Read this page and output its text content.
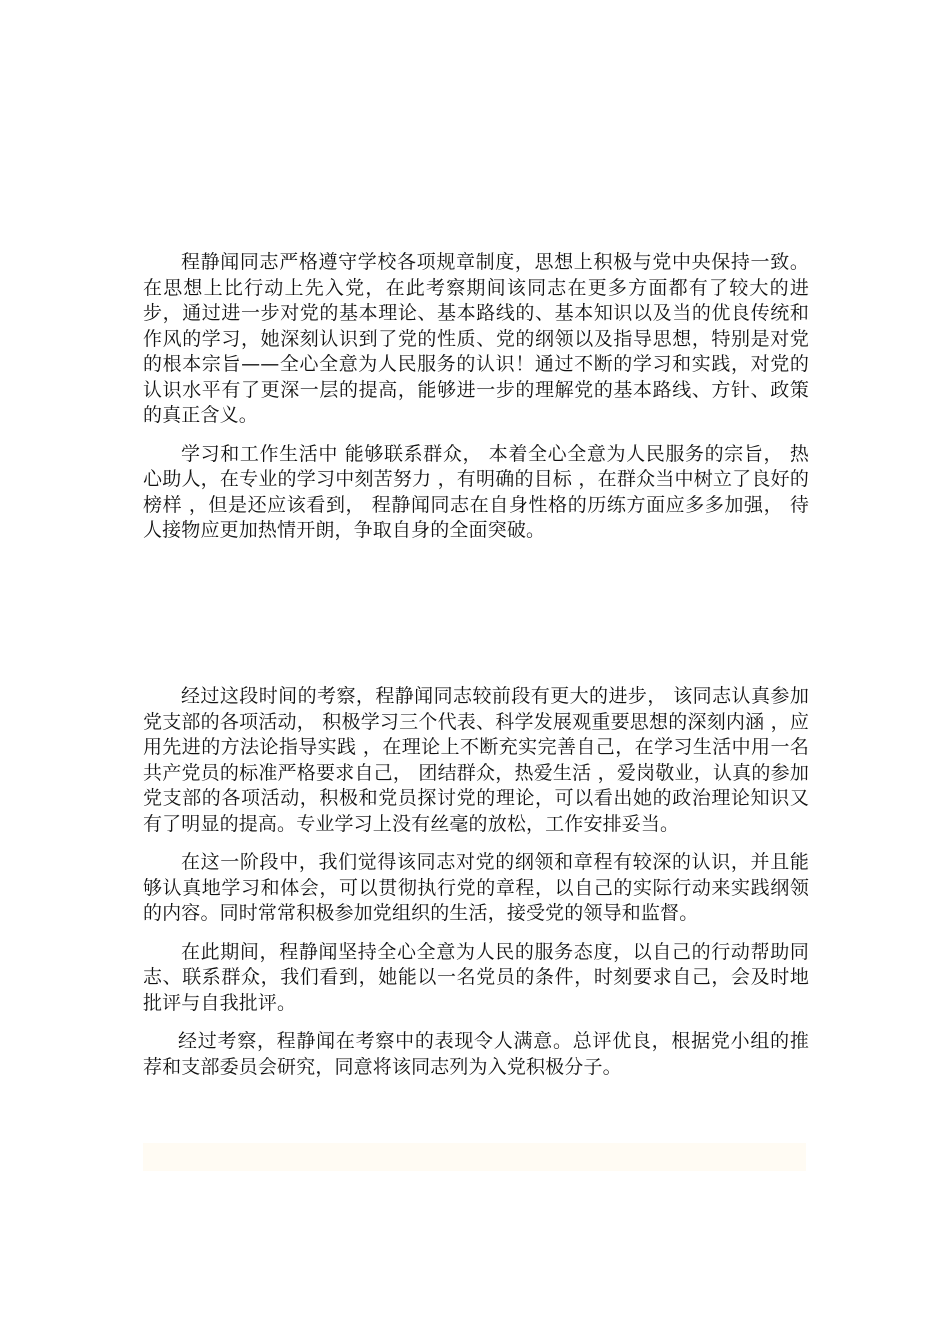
程静闻同志严格遵守学校各项规章制度，思想上积极与党中央保持一致。在思想上比行动上先入党，在此考察期间该同志在更多方面都有了较大的进步，通过进一步对党的基本理论、基本路线的、基本知识以及当的优良传统和作风的学习，她深刻认识到了党的性质、党的纲领以及指导思想，特别是对党的根本宗旨——全心全意为人民服务的认识！通过不断的学习和实践，对党的认识水平有了更深一层的提高，能够进一步的理解党的基本路线、方针、政策的真正含义。

学习和工作生活中 能够联系群众， 本着全心全意为人民服务的宗旨， 热心助人，在专业的学习中刻苦努力 ，有明确的目标 ，在群众当中树立了良好的榜样 ，但是还应该看到， 程静闻同志在自身性格的历练方面应多多加强， 待人接物应更加热情开朗，争取自身的全面突破。

经过这段时间的考察，程静闻同志较前段有更大的进步， 该同志认真参加党支部的各项活动， 积极学习三个代表、科学发展观重要思想的深刻内涵 ，应用先进的方法论指导实践 ，在理论上不断充实完善自己，在学习生活中用一名共产党员的标准严格要求自己， 团结群众，热爱生活 ，爱岗敬业，认真的参加党支部的各项活动，积极和党员探讨党的理论，可以看出她的政治理论知识又有了明显的提高。专业学习上没有丝毫的放松，工作安排妥当。

在这一阶段中，我们觉得该同志对党的纲领和章程有较深的认识，并且能够认真地学习和体会，可以贯彻执行党的章程，以自己的实际行动来实践纲领的内容。同时常常积极参加党组织的生活，接受党的领导和监督。

在此期间，程静闻坚持全心全意为人民的服务态度，以自己的行动帮助同志、联系群众，我们看到，她能以一名党员的条件，时刻要求自己，会及时地批评与自我批评。

经过考察，程静闻在考察中的表现令人满意。总评优良，根据党小组的推荐和支部委员会研究，同意将该同志列为入党积极分子。
